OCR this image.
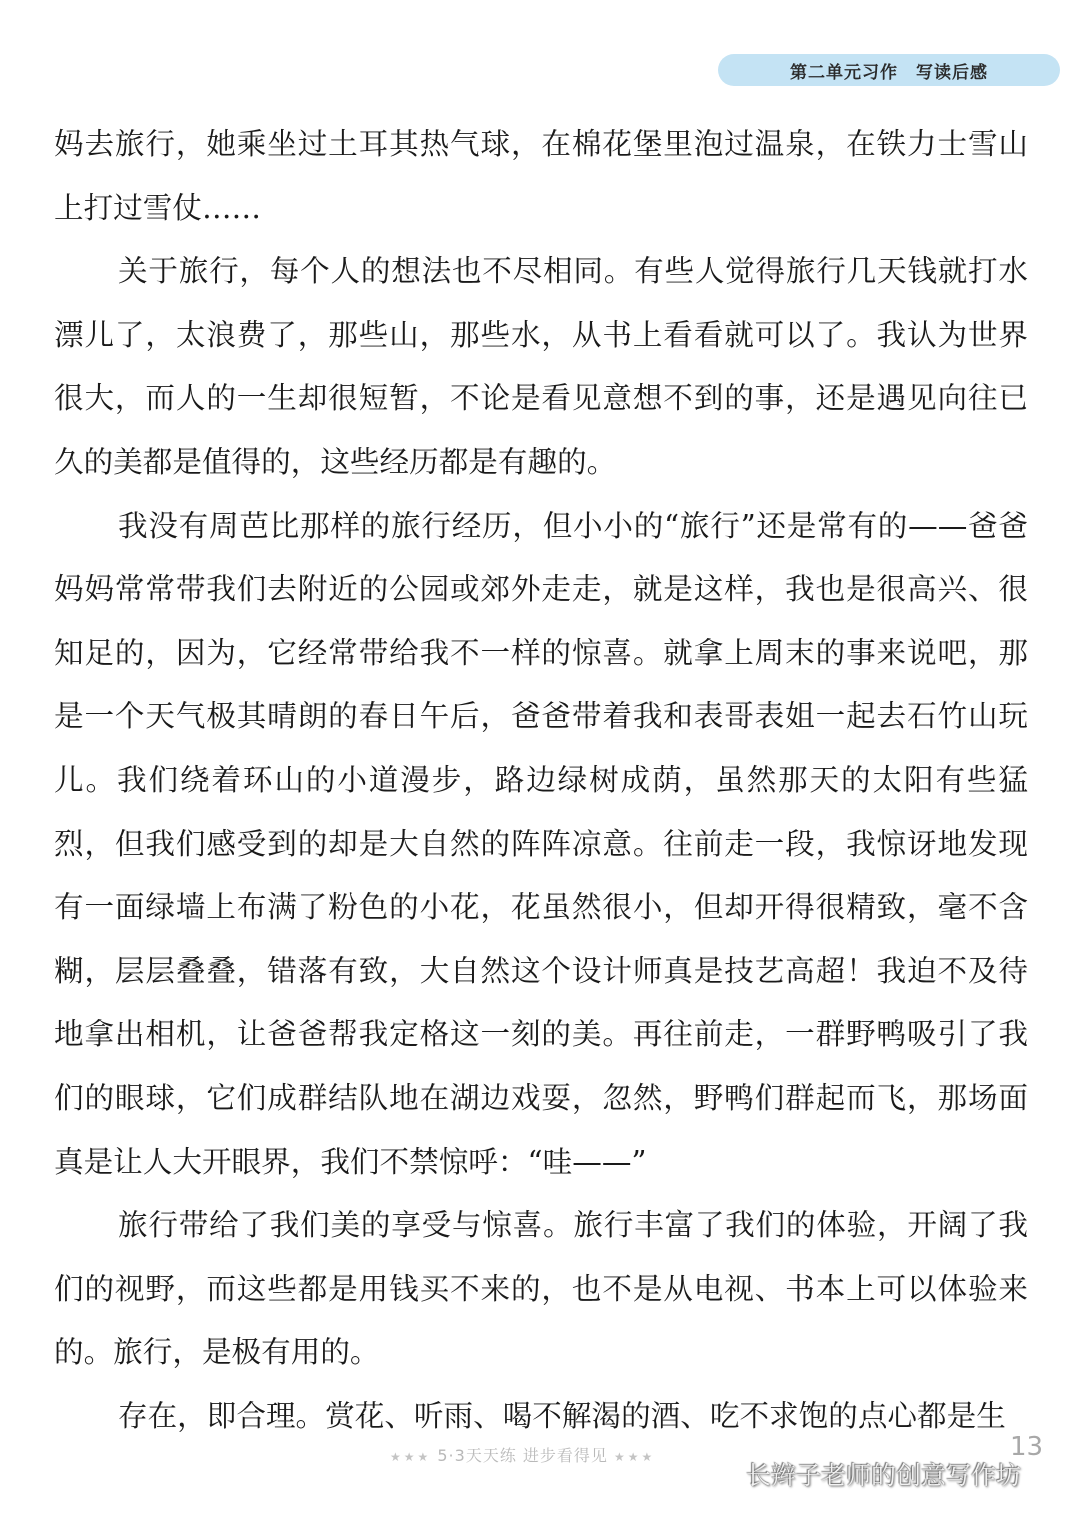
第二单元习作 写读后感

妈去旅行，她乘坐过土耳其热气球，在棉花堡里泡过温泉，在铁力士雪山上打过雪仗……

关于旅行，每个人的想法也不尽相同。有些人觉得旅行几天钱就打水漂儿了，太浪费了，那些山，那些水，从书上看看就可以了。我认为世界很大，而人的一生却很短暂，不论是看见意想不到的事，还是遇见向往已久的美都是值得的，这些经历都是有趣的。

我没有周芭比那样的旅行经历，但小小的“旅行”还是常有的——爸爸妈妈常常带我们去附近的公园或郊外走走，就是这样，我也是很高兴、很知足的，因为，它经常带给我不一样的惊喜。就拿上周末的事来说吧，那是一个天气极其晴朗的春日午后，爸爸带着我和表哥表姐一起去石竹山玩儿。我们绕着环山的小道漫步，路边绿树成荫，虽然那天的太阳有些猛烈，但我们感受到的却是大自然的阵阵凉意。往前走一段，我惊讶地发现有一面绿墙上布满了粉色的小花，花虽然很小，但却开得很精致，毫不含糊，层层叠叠，错落有致，大自然这个设计师真是技艺高超！我迫不及待地拿出相机，让爸爸帮我定格这一刻的美。再往前走，一群野鸭吸引了我们的眼球，它们成群结队地在湖边戏耍，忽然，野鸭们群起而飞，那场面真是让人大开眼界，我们不禁惊呼：“哇——”

旅行带给了我们美的享受与惊喜。旅行丰富了我们的体验，开阔了我们的视野，而这些都是用钱买不来的，也不是从电视、书本上可以体验来的。旅行，是极有用的。

存在，即合理。赏花、听雨、喝不解渴的酒、吃不求饱的点心都是生

★★★ 5·3天天练 进步看得见 ★★★	13
长辫子老师的创意写作坊
